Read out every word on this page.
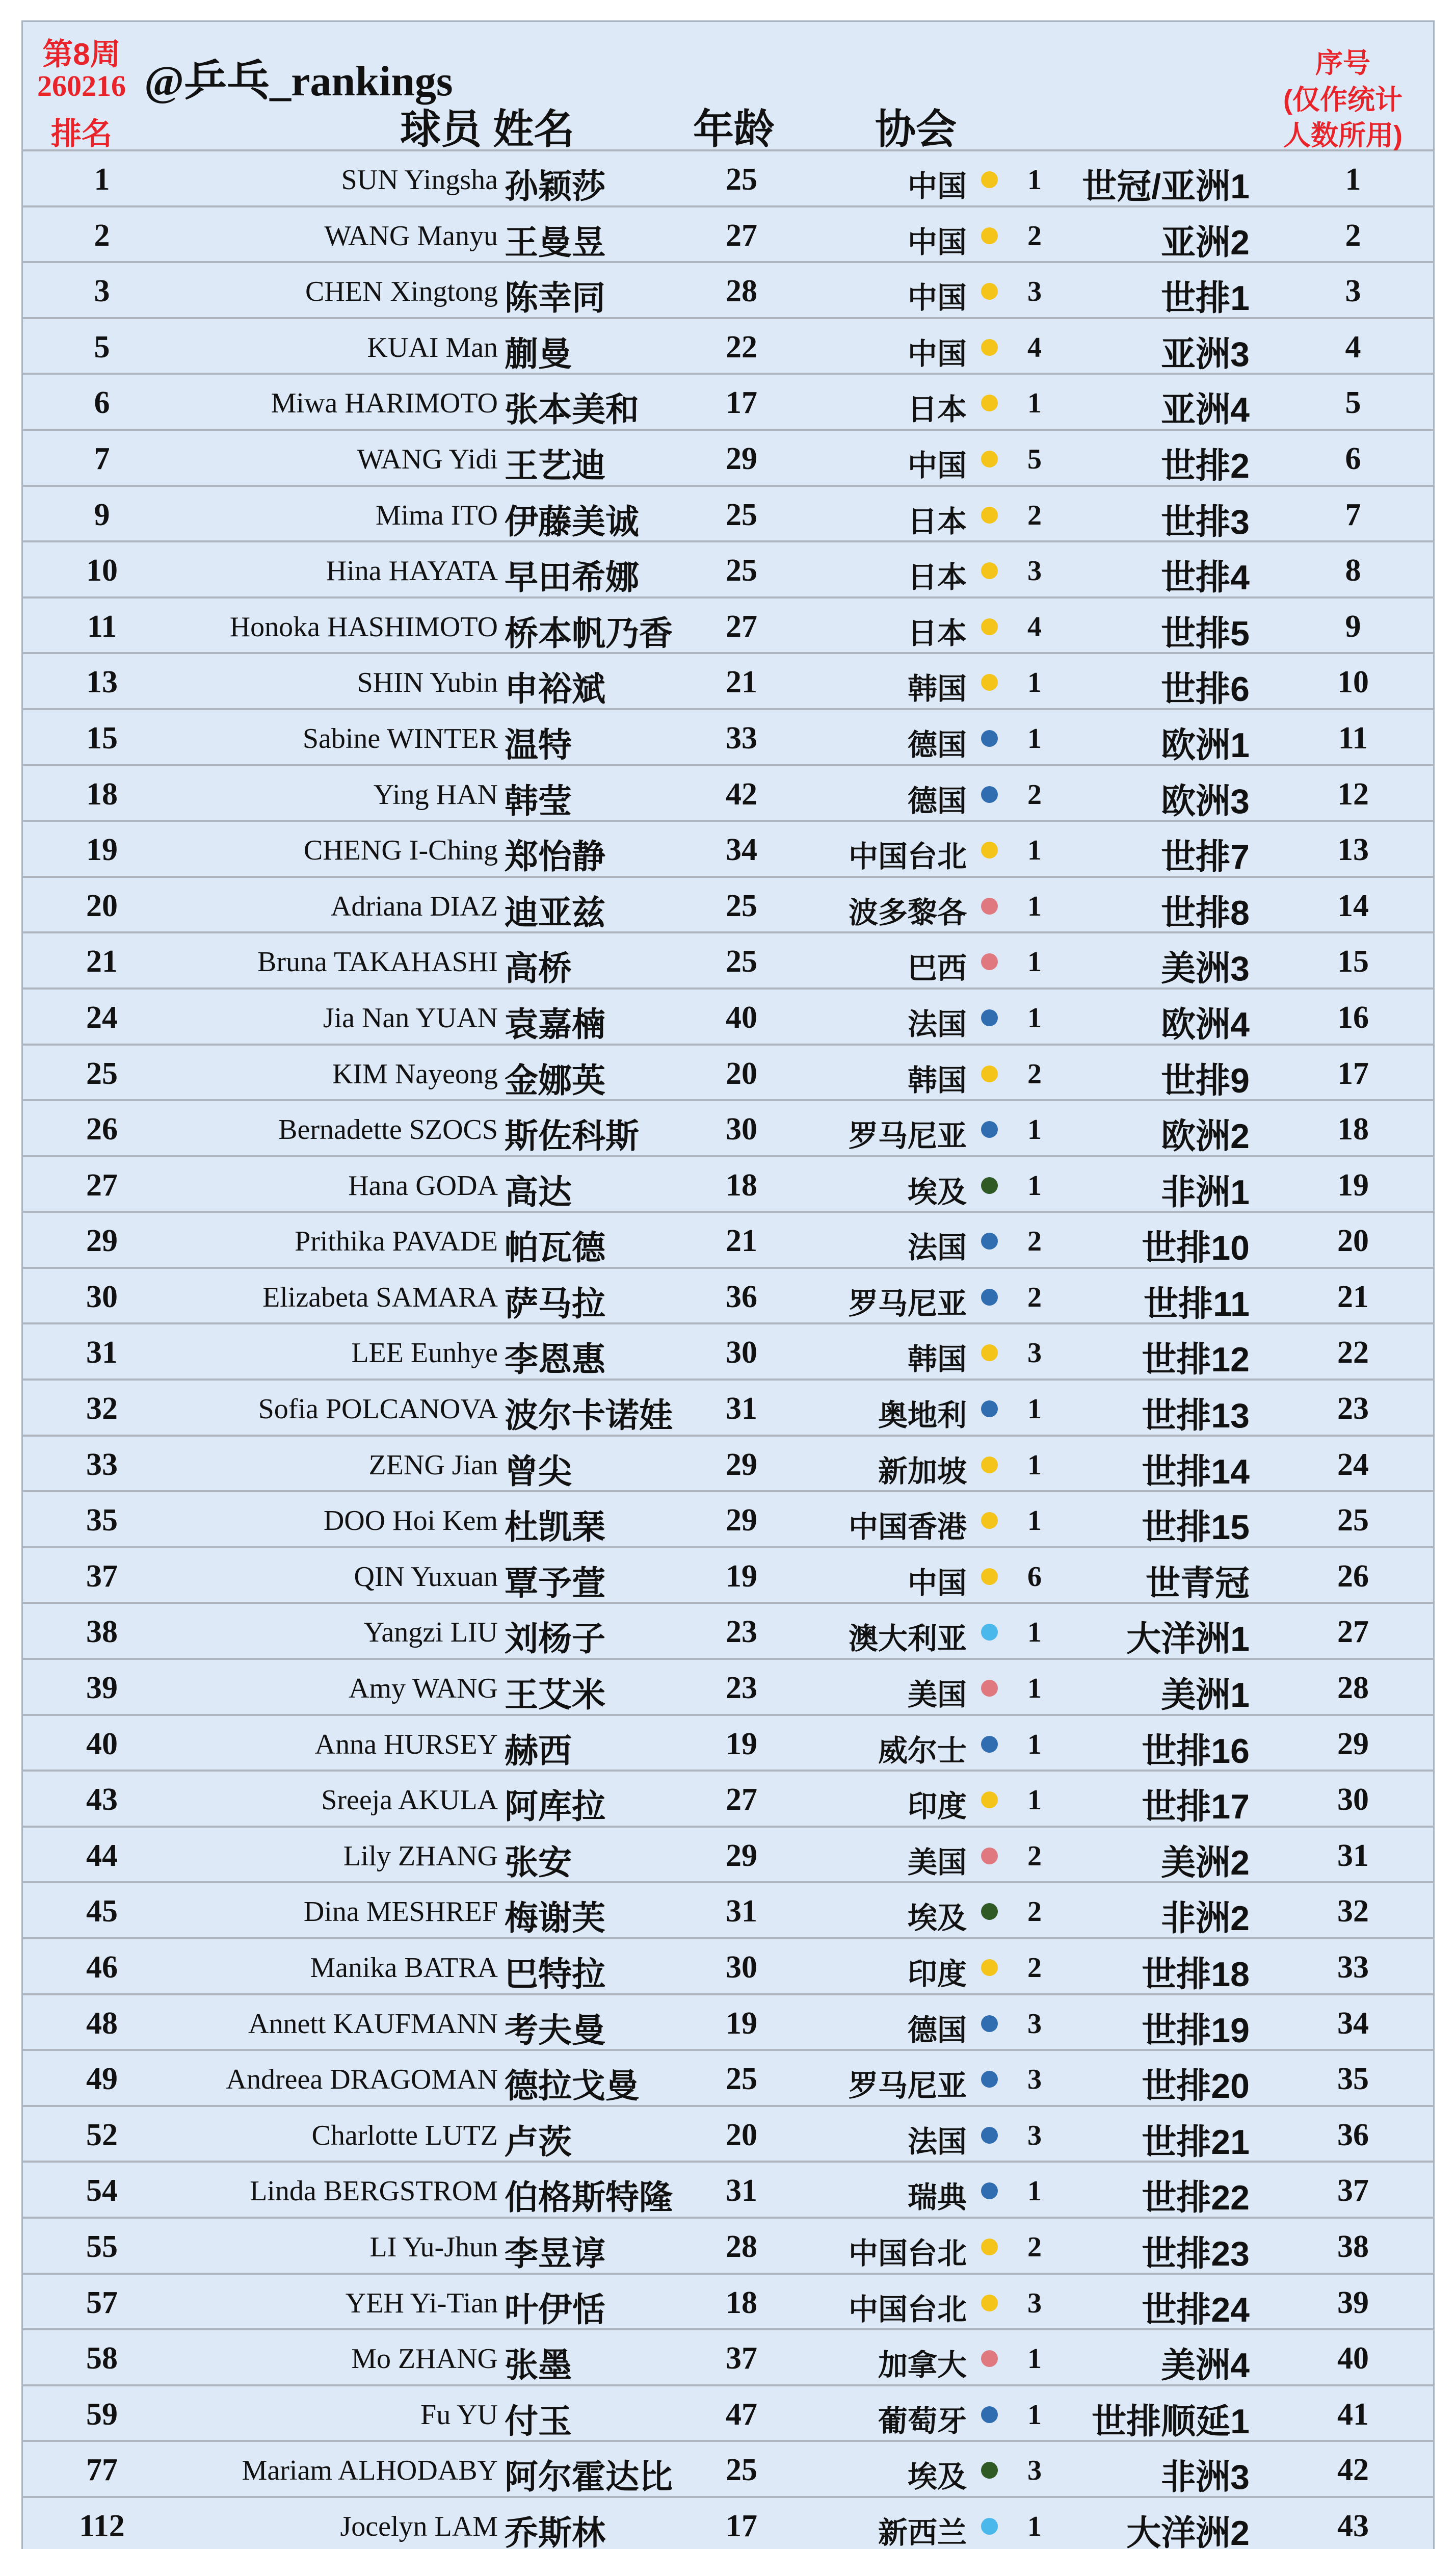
第8周
260216
排名
@乒乓_rankings
球员 姓名	年龄 协会
序号
(仅作统计
人数所用)
1	SUN Yingsha 孙颖莎	25	中国 1 世冠/亚洲1	1
2	WANG Manyu 王曼昱	27	中国 2	亚洲2	2
3	CHEN Xingtong 陈幸同	28	中国 3	世排1	3
5	KUAI Man 蒯曼	22	中国 4	亚洲3	4
6	Miwa HARIMOTO 张本美和	17	日本 1	亚洲4	5
7	WANG Yidi 王艺迪	29	中国 5	世排2	6
9	Mima ITO 伊藤美诚	25	日本 2	世排3	7
10	Hina HAYATA 早田希娜	25	日本 3	世排4	8
11	Honoka HASHIMOTO 桥本帆乃香	27	日本 4	世排5	9
13	SHIN Yubin 申裕斌	21	韩国 1	世排6	10
15	Sabine WINTER 温特	33	德国 1	欧洲1	11
18	Ying HAN 韩莹	42	德国 2	欧洲3	12
19	CHENG I-Ching 郑怡静	34	中国台北 1	世排7	13
20	Adriana DIAZ 迪亚兹	25	波多黎各 1	世排8	14
21	Bruna TAKAHASHI 高桥	25	巴西 1	美洲3	15
24	Jia Nan YUAN 袁嘉楠	40	法国 1	欧洲4	16
25	KIM Nayeong 金娜英	20	韩国 2	世排9	17
26	Bernadette SZOCS 斯佐科斯	30	罗马尼亚 1	欧洲2	18
27	Hana GODA 高达	18	埃及 1	非洲1	19
29	Prithika PAVADE 帕瓦德	21	法国 2	世排10	20
30	Elizabeta SAMARA 萨马拉	36	罗马尼亚 2	世排11	21
31	LEE Eunhye 李恩惠	30	韩国 3	世排12	22
32	Sofia POLCANOVA 波尔卡诺娃	31	奥地利 1	世排13	23
33	ZENG Jian 曾尖	29	新加坡 1	世排14	24
35	DOO Hoi Kem 杜凯琹	29	中国香港 1	世排15	25
37	QIN Yuxuan 覃予萱	19	中国 6	世青冠	26
38	Yangzi LIU 刘杨子	23	澳大利亚 1 大洋洲1	27
39	Amy WANG 王艾米	23	美国 1	美洲1	28
40	Anna HURSEY 赫西	19	威尔士 1	世排16	29
43	Sreeja AKULA 阿库拉	27	印度 1	世排17	30
44	Lily ZHANG 张安	29	美国 2	美洲2	31
45	Dina MESHREF 梅谢芙	31	埃及 2	非洲2	32
46	Manika BATRA 巴特拉	30	印度 2	世排18	33
48	Annett KAUFMANN 考夫曼	19	德国 3	世排19	34
49	Andreea DRAGOMAN 德拉戈曼	25	罗马尼亚 3	世排20	35
52	Charlotte LUTZ 卢茨	20	法国 3	世排21	36
54	Linda BERGSTROM 伯格斯特隆	31	瑞典 1	世排22	37
55	LI Yu-Jhun 李昱谆	28	中国台北 2	世排23	38
57	YEH Yi-Tian 叶伊恬	18	中国台北 3	世排24	39
58	Mo ZHANG 张墨	37	加拿大 1	美洲4	40
59	Fu YU 付玉	47	葡萄牙 1 世排顺延1	41
77	Mariam ALHODABY 阿尔霍达比	25	埃及 3	非洲3	42
112	Jocelyn LAM 乔斯林	17	新西兰 1 大洋洲2	43
